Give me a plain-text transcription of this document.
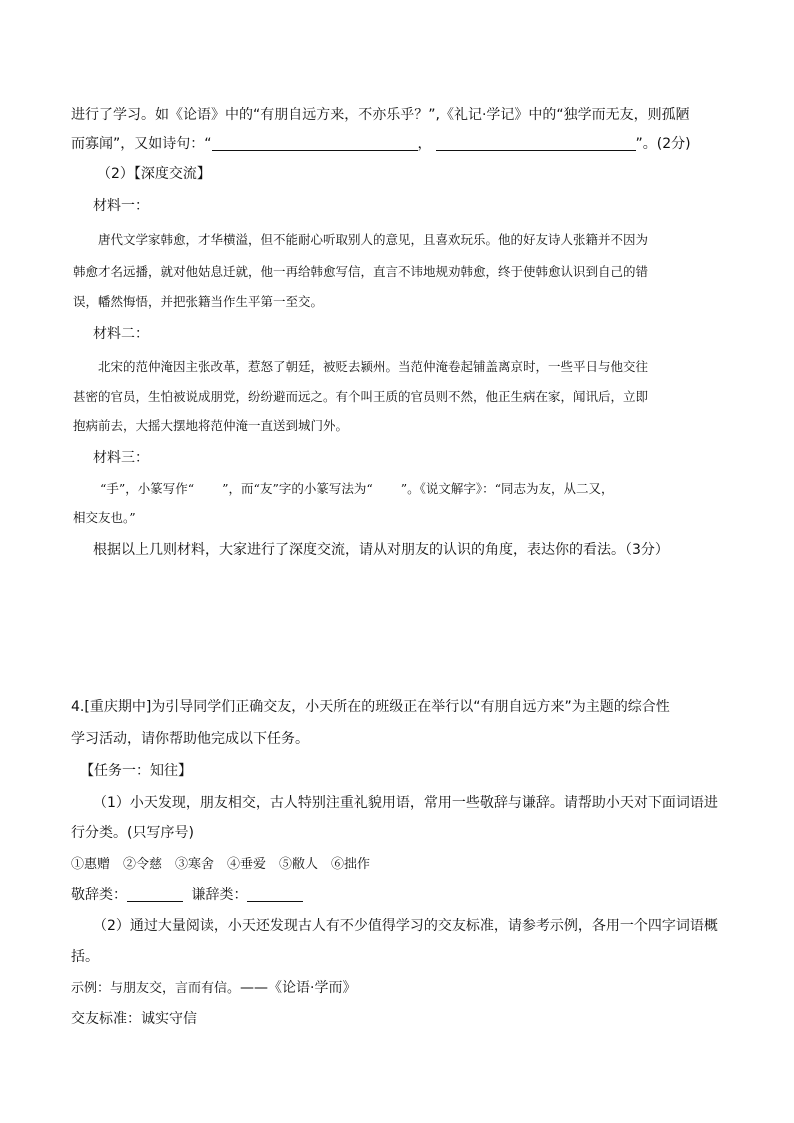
进行了学习。如《论语》中的“有朋自远方来，不亦乐乎？”,《礼记·学记》中的“独学而无友，则孤陋
而寡闻”，又如诗句：“	，	”。(2分)
（2）【深度交流】
材料一：
唐代文学家韩愈，才华横溢，但不能耐心听取别人的意见，且喜欢玩乐。他的好友诗人张籍并不因为
韩愈才名远播，就对他姑息迁就，他一再给韩愈写信，直言不讳地规劝韩愈，终于使韩愈认识到自己的错
误，幡然悔悟，并把张籍当作生平第一至交。
材料二：
北宋的范仲淹因主张改革，惹怒了朝廷，被贬去颍州。当范仲淹卷起铺盖离京时，一些平日与他交往
甚密的官员，生怕被说成朋党，纷纷避而远之。有个叫王质的官员则不然，他正生病在家，闻讯后，立即
抱病前去，大摇大摆地将范仲淹一直送到城门外。
材料三：
“手”，小篆写作“ ”，而“友”字的小篆写法为“ ”。《说文解字》：“同志为友，从二又，
相交友也。”
根据以上几则材料，大家进行了深度交流，请从对朋友的认识的角度，表达你的看法。（3分）
4.[重庆期中]为引导同学们正确交友，小天所在的班级正在举行以“有朋自远方来”为主题的综合性
学习活动，请你帮助他完成以下任务。
【任务一：知往】
（1）小天发现，朋友相交，古人特别注重礼貌用语，常用一些敬辞与谦辞。请帮助小天对下面词语进
行分类。(只写序号)
①惠赠　②令慈　③寒舍　④垂爱　⑤敝人　⑥拙作
敬辞类：	谦辞类：
（2）通过大量阅读，小天还发现古人有不少值得学习的交友标准，请参考示例，各用一个四字词语概
括。
示例：与朋友交，言而有信。——《论语·学而》
交友标准：诚实守信
